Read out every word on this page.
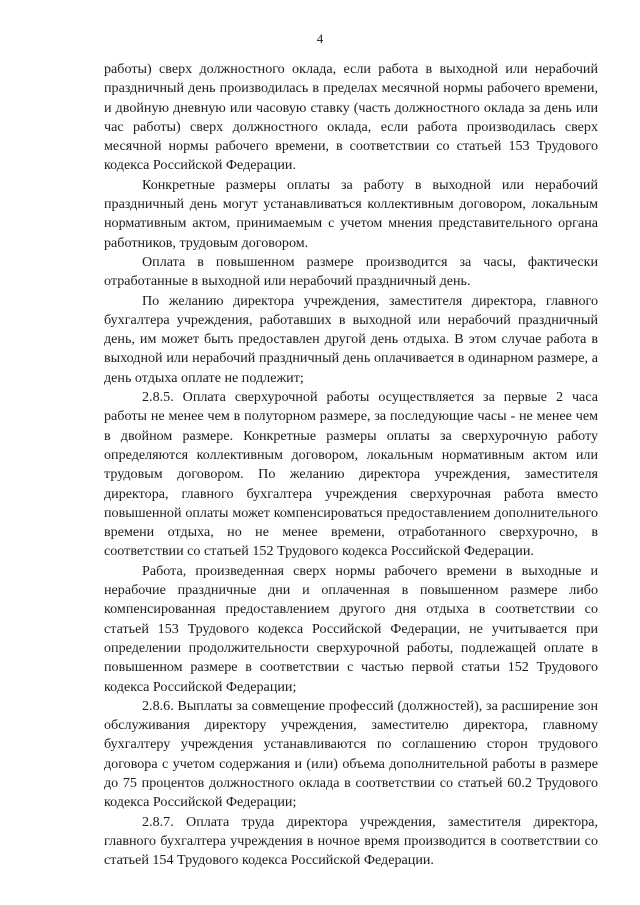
4

работы) сверх должностного оклада, если работа в выходной или нерабочий праздничный день производилась в пределах месячной нормы рабочего времени, и двойную дневную или часовую ставку (часть должностного оклада за день или час работы) сверх должностного оклада, если работа производилась сверх месячной нормы рабочего времени, в соответствии со статьей 153 Трудового кодекса Российской Федерации.

Конкретные размеры оплаты за работу в выходной или нерабочий праздничный день могут устанавливаться коллективным договором, локальным нормативным актом, принимаемым с учетом мнения представительного органа работников, трудовым договором.

Оплата в повышенном размере производится за часы, фактически отработанные в выходной или нерабочий праздничный день.

По желанию директора учреждения, заместителя директора, главного бухгалтера учреждения, работавших в выходной или нерабочий праздничный день, им может быть предоставлен другой день отдыха. В этом случае работа в выходной или нерабочий праздничный день оплачивается в одинарном размере, а день отдыха оплате не подлежит;

2.8.5. Оплата сверхурочной работы осуществляется за первые 2 часа работы не менее чем в полуторном размере, за последующие часы - не менее чем в двойном размере. Конкретные размеры оплаты за сверхурочную работу определяются коллективным договором, локальным нормативным актом или трудовым договором. По желанию директора учреждения, заместителя директора, главного бухгалтера учреждения сверхурочная работа вместо повышенной оплаты может компенсироваться предоставлением дополнительного времени отдыха, но не менее времени, отработанного сверхурочно, в соответствии со статьей 152 Трудового кодекса Российской Федерации.

Работа, произведенная сверх нормы рабочего времени в выходные и нерабочие праздничные дни и оплаченная в повышенном размере либо компенсированная предоставлением другого дня отдыха в соответствии со статьей 153 Трудового кодекса Российской Федерации, не учитывается при определении продолжительности сверхурочной работы, подлежащей оплате в повышенном размере в соответствии с частью первой статьи 152 Трудового кодекса Российской Федерации;

2.8.6. Выплаты за совмещение профессий (должностей), за расширение зон обслуживания директору учреждения, заместителю директора, главному бухгалтеру учреждения устанавливаются по соглашению сторон трудового договора с учетом содержания и (или) объема дополнительной работы в размере до 75 процентов должностного оклада в соответствии со статьей 60.2 Трудового кодекса Российской Федерации;

2.8.7. Оплата труда директора учреждения, заместителя директора, главного бухгалтера учреждения в ночное время производится в соответствии со статьей 154 Трудового кодекса Российской Федерации.
